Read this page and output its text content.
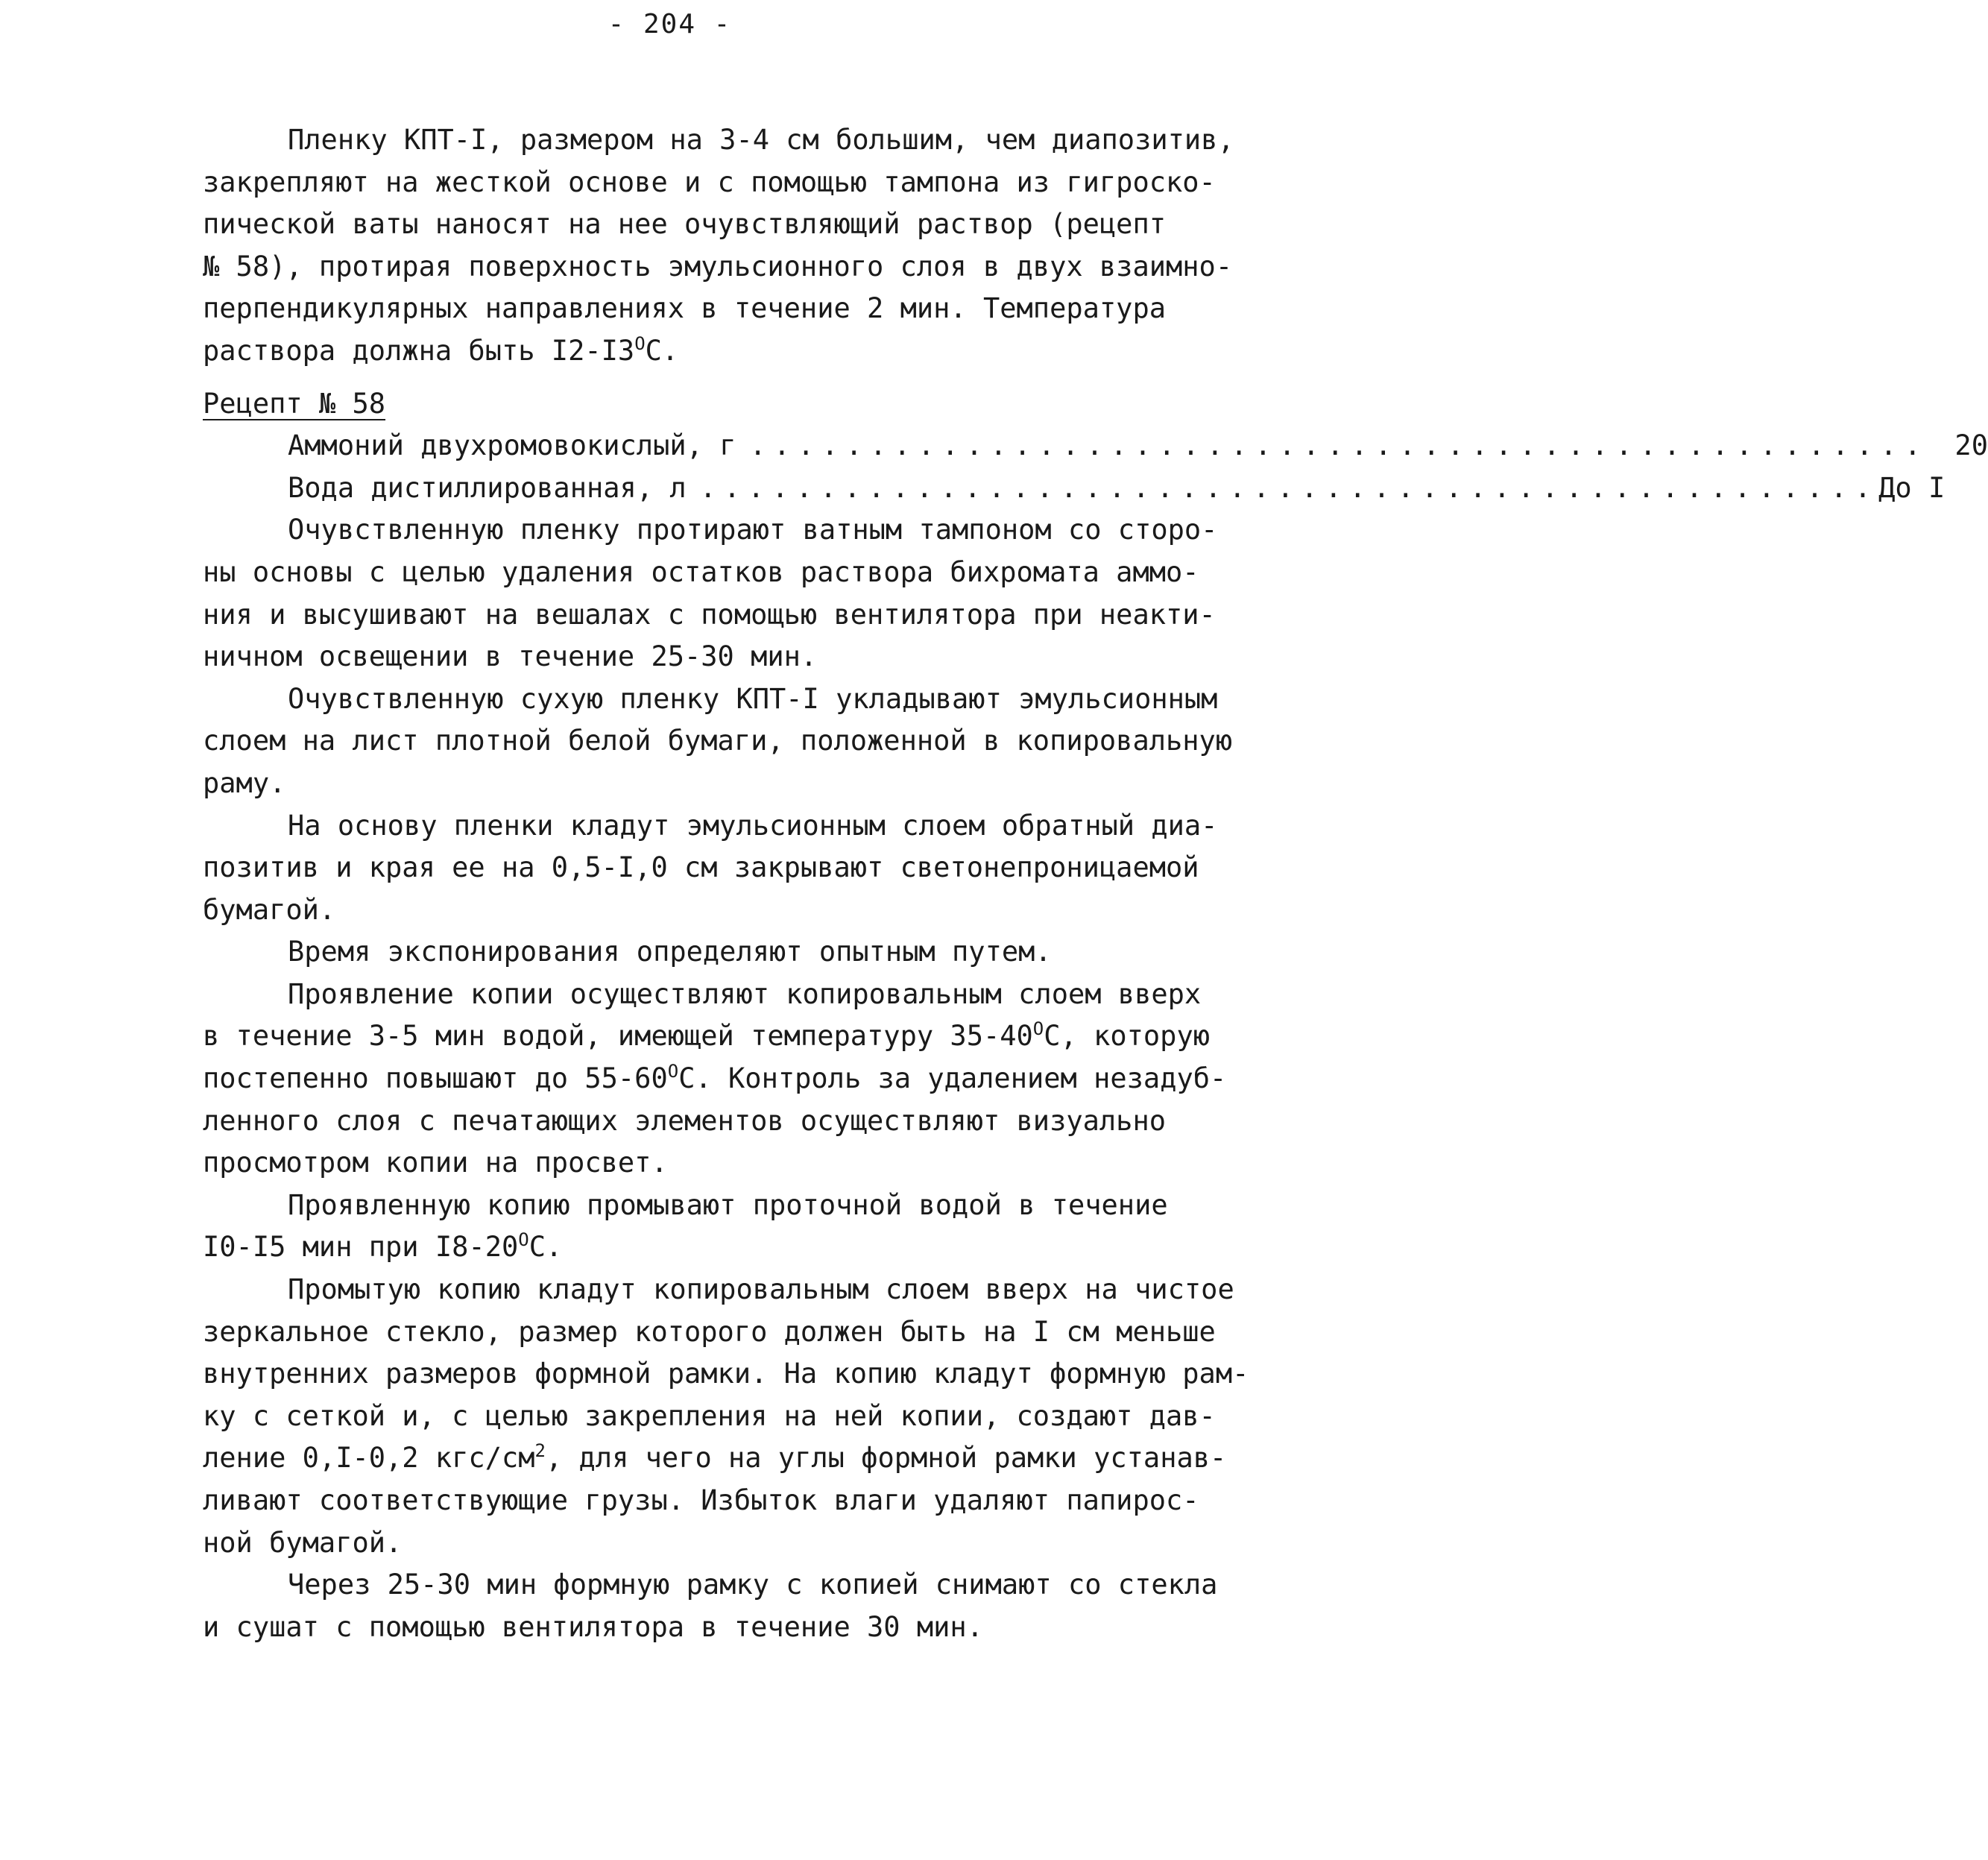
- 204 -
Пленку КПТ-I, размером на 3-4 см большим, чем диапозитив,
закрепляют на жесткой основе и с помощью тампона из гигроско-
пической ваты наносят на нее очувствляющий раствор (рецепт
№ 58), протирая поверхность эмульсионного слоя в двух взаимно-
перпендикулярных направлениях в течение 2 мин. Температура
раствора должна быть $I2-I3^OC$.
Рецепт № 58
Аммоний двухромовокислый, г ................................................. 20
Вода дистиллированная, л ................................................. До I
Очувствленную пленку протирают ватным тампоном со сторо-
ны основы с целью удаления остатков раствора бихромата аммо-
ния и высушивают на вешалах с помощью вентилятора при неакти-
ничном освещении в течение 25-30 мин.
Очувствленную сухую пленку КПТ-I укладывают эмульсионным
слоем на лист плотной белой бумаги, положенной в копировальную
раму.
На основу пленки кладут эмульсионным слоем обратный диа-
позитив и края ее на 0,5-I,0 см закрывают светонепроницаемой
бумагой.
Время экспонирования определяют опытным путем.
Проявление копии осуществляют копировальным слоем вверх
в течение 3-5 мин водой, имеющей температуру $35-40^OC$, которую
постепенно повышают до $55-60^OC$. Контроль за удалением незадуб-
ленного слоя с печатающих элементов осуществляют визуально
просмотром копии на просвет.
Проявленную копию промывают проточной водой в течение
I0-I5 мин при $I8-20^OC$.
Промытую копию кладут копировальным слоем вверх на чистое
зеркальное стекло, размер которого должен быть на I см меньше
внутренних размеров формной рамки. На копию кладут формную рам-
ку с сеткой и, с целью закрепления на ней копии, создают дав-
ление 0,I-0,2 кгс/$см^2$, для чего на углы формной рамки устанав-
ливают соответствующие грузы. Избыток влаги удаляют папирос-
ной бумагой.
Через 25-30 мин формную рамку с копией снимают со стекла
и сушат с помощью вентилятора в течение 30 мин.
